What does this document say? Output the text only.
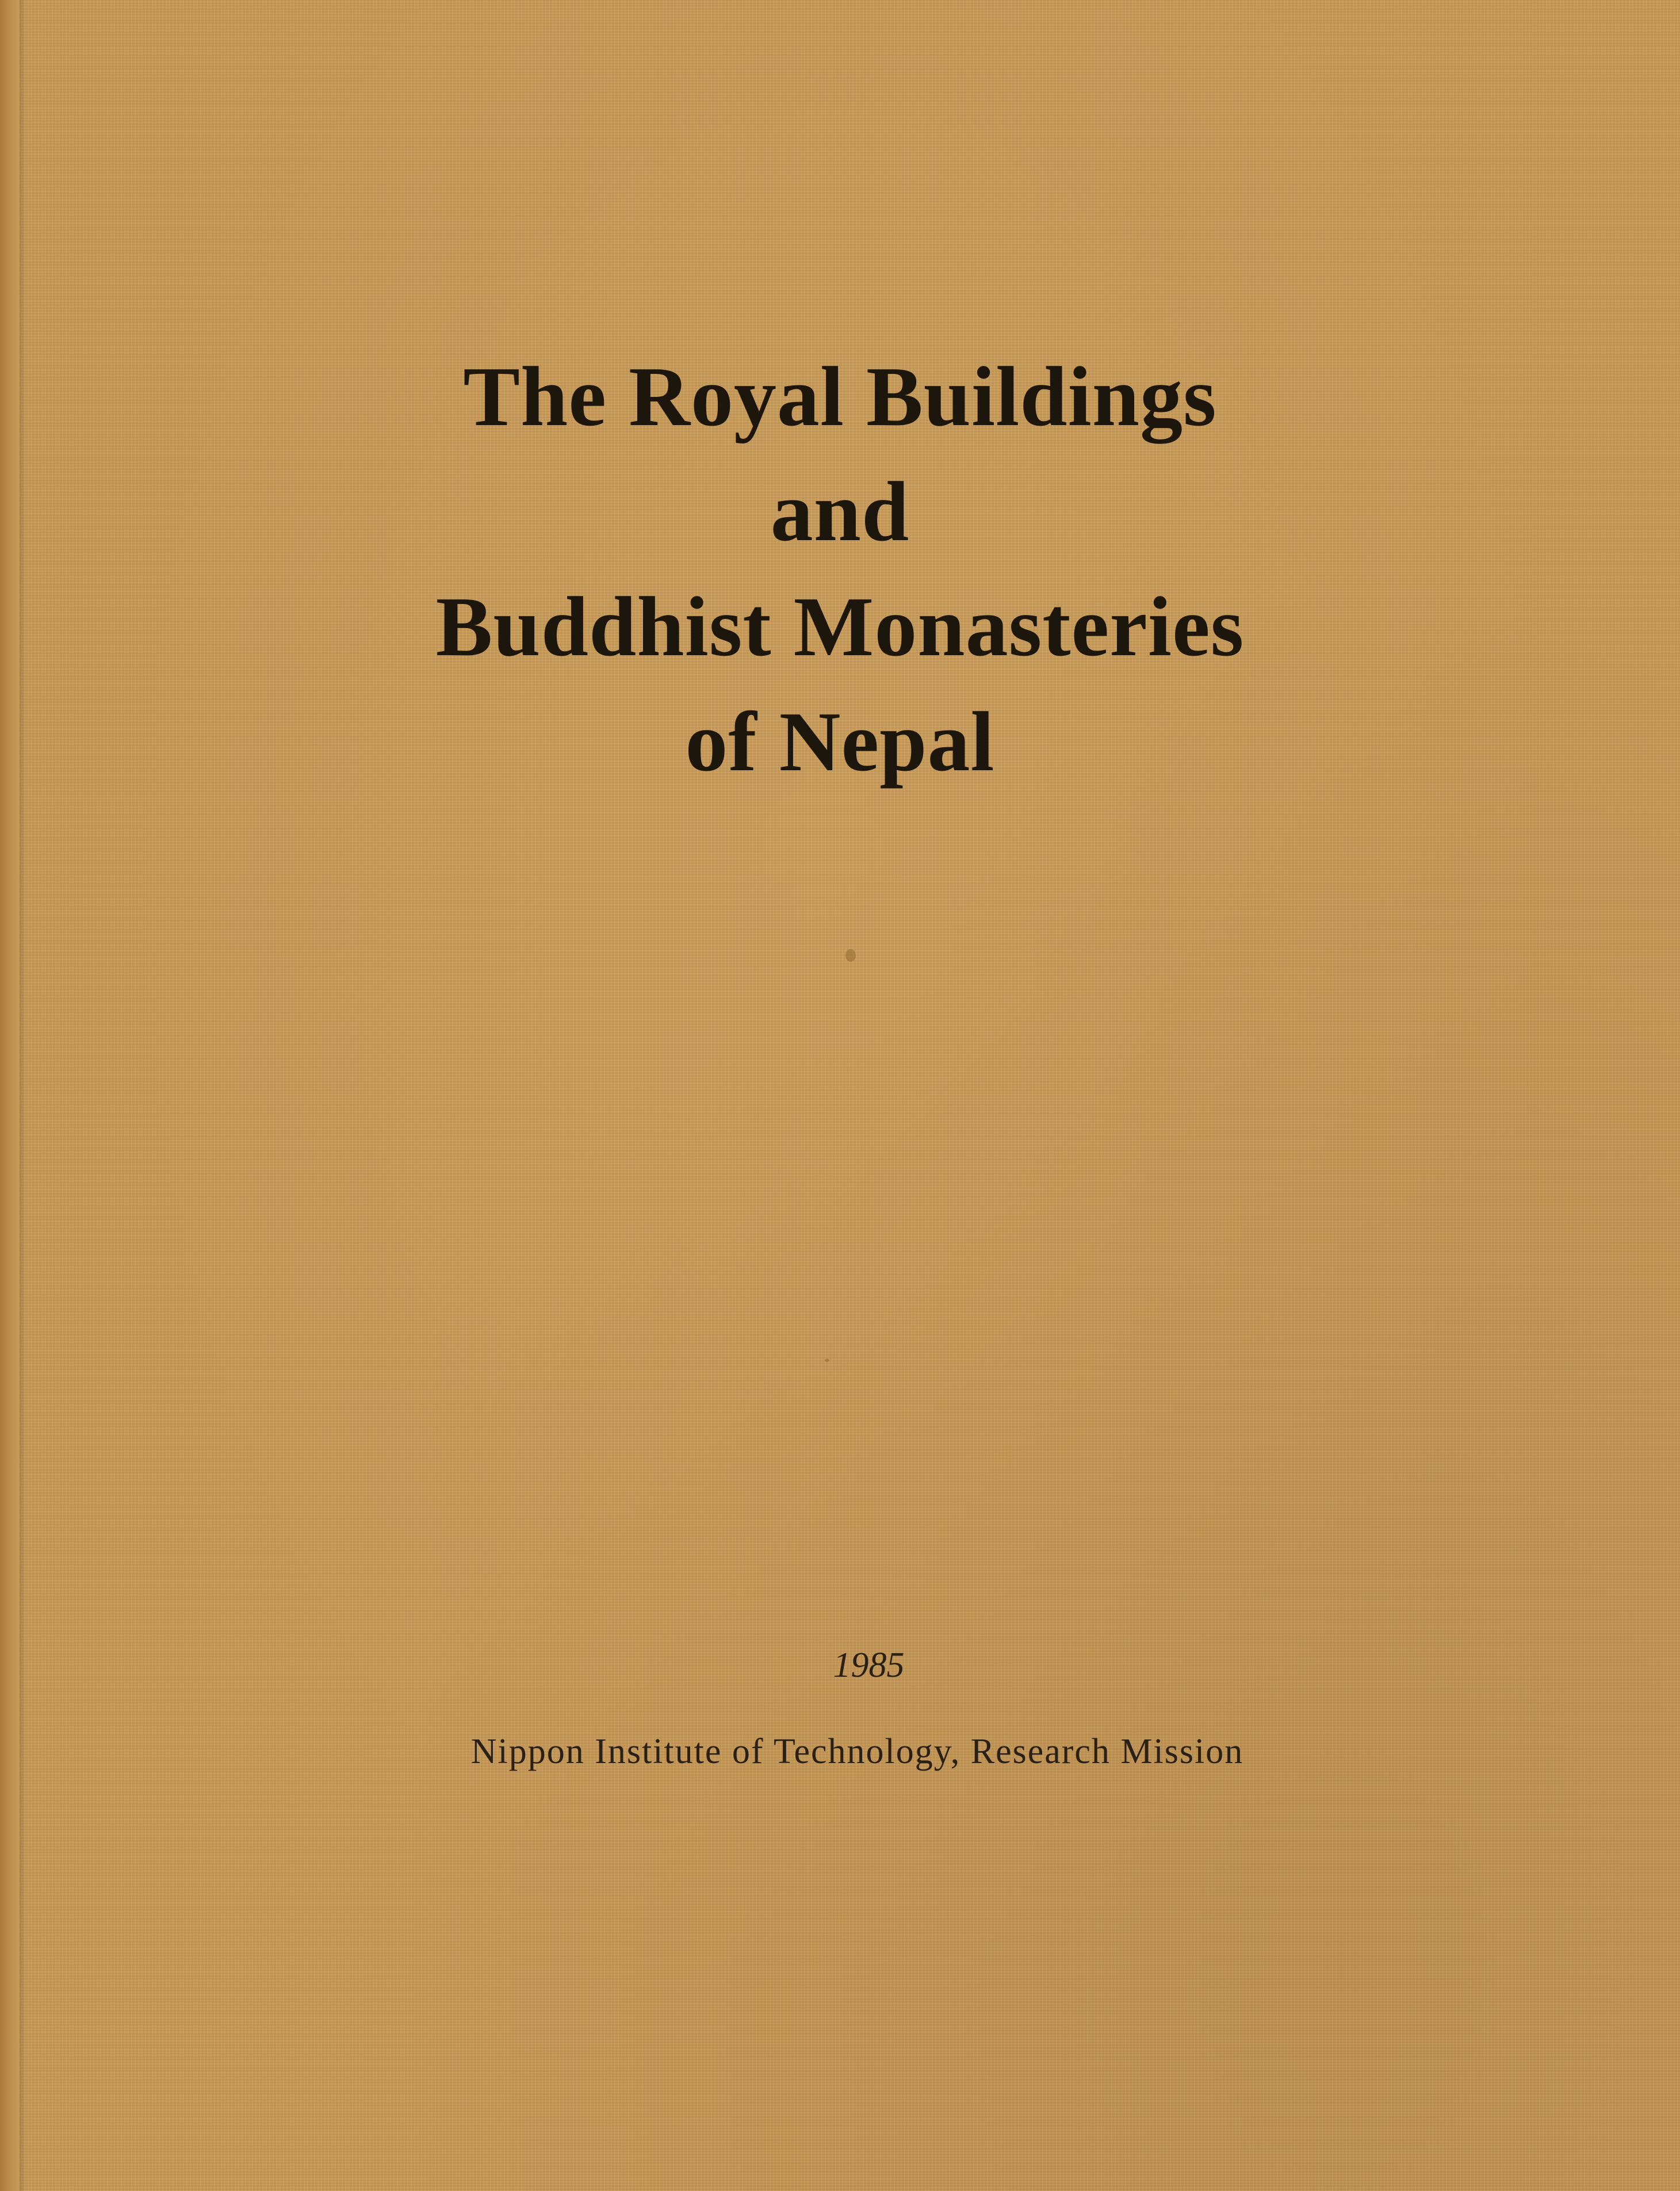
The Royal Buildings
and
Buddhist Monasteries
of Nepal
1985
Nippon Institute of Technology, Research Mission
